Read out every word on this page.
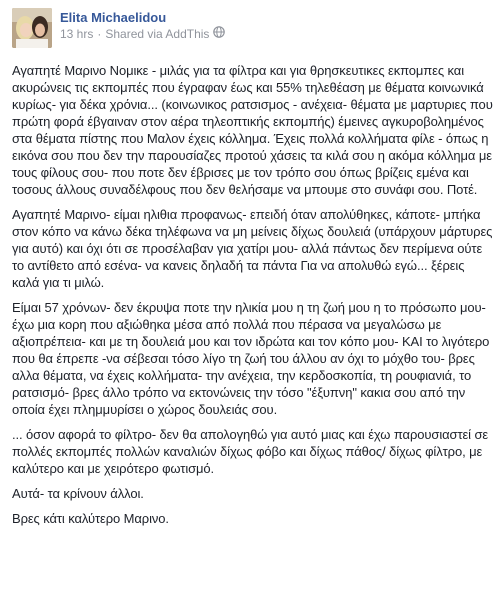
Elita Michaelidou
13 hrs · Shared via AddThis

Αγαπητέ Μαρινο Νομικε - μιλάς για τα φίλτρα και για θρησκευτικες εκπομπες και ακυρώνεις τις εκπομπές που έγραφαν έως και 55% τηλεθέαση με θέματα κοινωνικά κυρίως- για δέκα χρόνια... (κοινωνικος ρατσισμος - ανέχεια- θέματα με μαρτυριες που πρώτη φορά έβγαιναν στον αέρα τηλεοπτικής εκπομπής) έμεινες αγκυροβολημένος στα θέματα πίστης που Μαλον έχεις κόλλημα. Έχεις πολλά κολλήματα φίλε - όπως η εικόνα σου που δεν την παρουσίαζες προτού χάσεις τα κιλά σου η ακόμα κόλλημα με τους φίλους σου- που ποτε δεν έβρισες με τον τρόπο σου όπως βρίζεις εμένα και τοσους άλλους συναδέλφους που δεν θελήσαμε να μπουμε στο συνάφι σου. Ποτέ.

Αγαπητέ Μαρινο- είμαι ηλιθια προφανως- επειδή όταν απολύθηκες, κάποτε- μπήκα στον κόπο να κάνω δέκα τηλέφωνα να μη μείνεις δίχως δουλειά (υπάρχουν μάρτυρες για αυτό) και όχι ότι σε προσέλαβαν για χατίρι μου- αλλά πάντως δεν περίμενα ούτε το αντίθετο από εσένα- να κανεις δηλαδή τα πάντα Για να απολυθώ εγώ... ξέρεις καλά για τι μιλώ.

Είμαι 57 χρόνων- δεν έκρυψα ποτε την ηλικία μου η τη ζωή μου η το πρόσωπο μου- έχω μια κορη που αξιώθηκα μέσα από πολλά που πέρασα να μεγαλώσω με αξιοπρέπεια- και με τη δουλειά μου και τον ιδρώτα και τον κόπο μου- ΚΑΙ το λιγότερο που θα έπρεπε -να σέβεσαι τόσο λίγο τη ζωή του άλλου αν όχι το μόχθο του- βρες αλλα θέματα, να έχεις κολλήματα- την ανέχεια, την κερδοσκοπία, τη ρουφιανιά, το ρατσισμό- βρες άλλο τρόπο να εκτονώνεις την τόσο "έξυπνη" κακια σου από την οποία έχει πλημμυρίσει ο χώρος δουλειάς σου.

... όσον αφορά το φίλτρο- δεν θα απολογηθώ για αυτό μιας και έχω παρουσιαστεί σε πολλές εκπομπές πολλών καναλιών δίχως φόβο και δίχως πάθος/ δίχως φίλτρο, με καλύτερο και με χειρότερο φωτισμό.

Αυτά- τα κρίνουν άλλοι.

Βρες κάτι καλύτερο Μαρινο.
